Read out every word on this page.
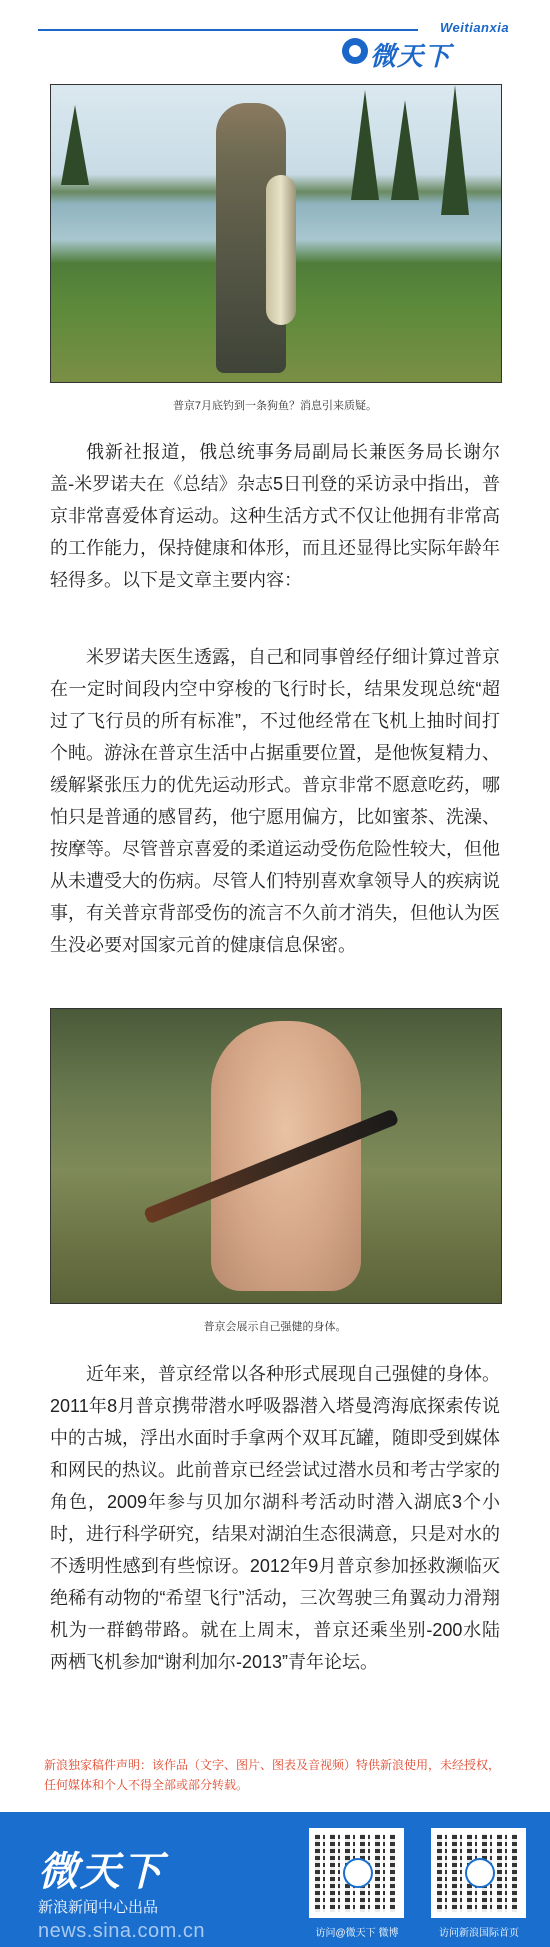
Weitianxia
微天下
普京7月底钓到一条狗鱼？消息引来质疑。

俄新社报道，俄总统事务局副局长兼医务局长谢尔盖-米罗诺夫在《总结》杂志5日刊登的采访录中指出，普京非常喜爱体育运动。这种生活方式不仅让他拥有非常高的工作能力，保持健康和体形，而且还显得比实际年龄年轻得多。以下是文章主要内容：

米罗诺夫医生透露，自己和同事曾经仔细计算过普京在一定时间段内空中穿梭的飞行时长，结果发现总统“超过了飞行员的所有标准”，不过他经常在飞机上抽时间打个盹。游泳在普京生活中占据重要位置，是他恢复精力、缓解紧张压力的优先运动形式。普京非常不愿意吃药，哪怕只是普通的感冒药，他宁愿用偏方，比如蜜茶、洗澡、按摩等。尽管普京喜爱的柔道运动受伤危险性较大，但他从未遭受大的伤病。尽管人们特别喜欢拿领导人的疾病说事，有关普京背部受伤的流言不久前才消失，但他认为医生没必要对国家元首的健康信息保密。

普京会展示自己强健的身体。

近年来，普京经常以各种形式展现自己强健的身体。2011年8月普京携带潜水呼吸器潜入塔曼湾海底探索传说中的古城，浮出水面时手拿两个双耳瓦罐，随即受到媒体和网民的热议。此前普京已经尝试过潜水员和考古学家的角色，2009年参与贝加尔湖科考活动时潜入湖底3个小时，进行科学研究，结果对湖泊生态很满意，只是对水的不透明性感到有些惊讶。2012年9月普京参加拯救濒临灭绝稀有动物的“希望飞行”活动，三次驾驶三角翼动力滑翔机为一群鹤带路。就在上周末，普京还乘坐别-200水陆两栖飞机参加“谢利加尔-2013”青年论坛。

新浪独家稿件声明：该作品（文字、图片、图表及音视频）特供新浪使用，未经授权，任何媒体和个人不得全部或部分转载。

微天下
新浪新闻中心出品
news.sina.com.cn	访问@微天下 微博	访问新浪国际首页
